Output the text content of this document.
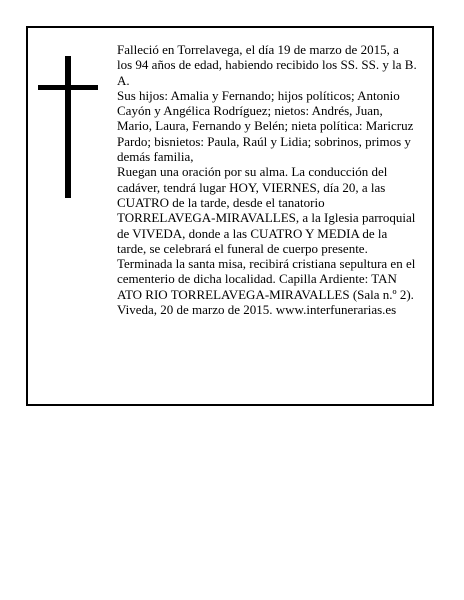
Falleció en Torrelavega, el día 19 de marzo de 2015, a los 94 años de edad, habiendo recibido los SS. SS. y la B. A.

Sus hijos: Amalia y Fernando; hijos políticos; Antonio Cayón y Angélica Rodríguez; nietos: Andrés, Juan, Mario, Laura, Fernando y Belén; nieta política: Maricruz Pardo; bisnietos: Paula, Raúl y Lidia; sobrinos, primos y demás familia,

Ruegan una oración por su alma. La conducción del cadáver, tendrá lugar HOY, VIERNES, día 20, a las CUATRO de la tarde, desde el tanatorio TORRELAVEGA-MIRAVALLES, a la Iglesia parroquial de VIVEDA, donde a las CUATRO Y MEDIA de la tarde, se celebrará el funeral de cuerpo presente. Terminada la santa misa, recibirá cristiana sepultura en el cementerio de dicha localidad. Capilla Ardiente: TAN ATO RIO TORRELAVEGA-MIRAVALLES (Sala n.º 2).

Viveda, 20 de marzo de 2015. www.interfunerarias.es
